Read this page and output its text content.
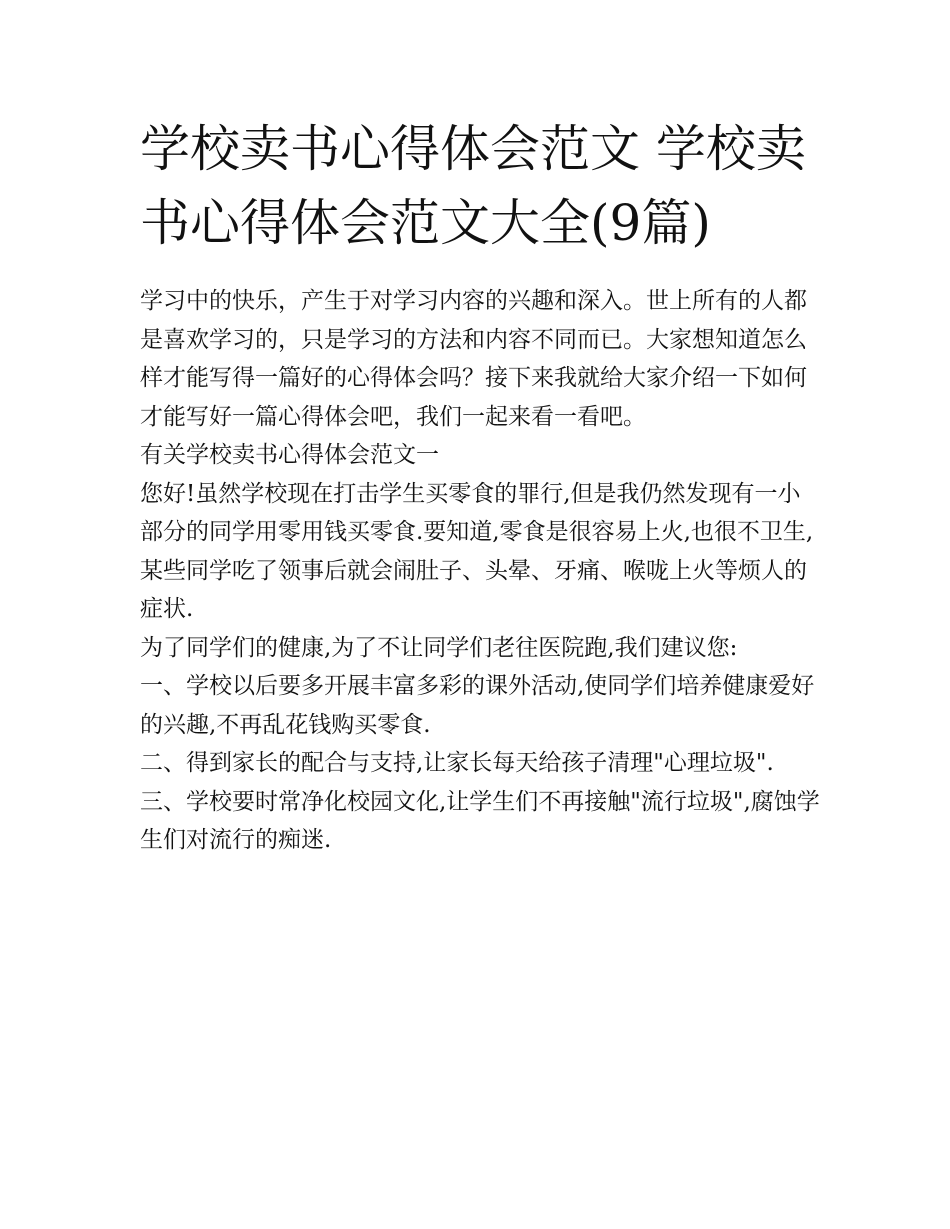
学校卖书心得体会范文 学校卖书心得体会范文大全(9篇)

学习中的快乐，产生于对学习内容的兴趣和深入。世上所有的人都是喜欢学习的，只是学习的方法和内容不同而已。大家想知道怎么样才能写得一篇好的心得体会吗？接下来我就给大家介绍一下如何才能写好一篇心得体会吧，我们一起来看一看吧。

有关学校卖书心得体会范文一

您好!虽然学校现在打击学生买零食的罪行,但是我仍然发现有一小部分的同学用零用钱买零食.要知道,零食是很容易上火,也很不卫生,某些同学吃了领事后就会闹肚子、头晕、牙痛、喉咙上火等烦人的症状.

为了同学们的健康,为了不让同学们老往医院跑,我们建议您:

一、学校以后要多开展丰富多彩的课外活动,使同学们培养健康爱好的兴趣,不再乱花钱购买零食.

二、得到家长的配合与支持,让家长每天给孩子清理"心理垃圾". 三、学校要时常净化校园文化,让学生们不再接触"流行垃圾",腐蚀学生们对流行的痴迷.
